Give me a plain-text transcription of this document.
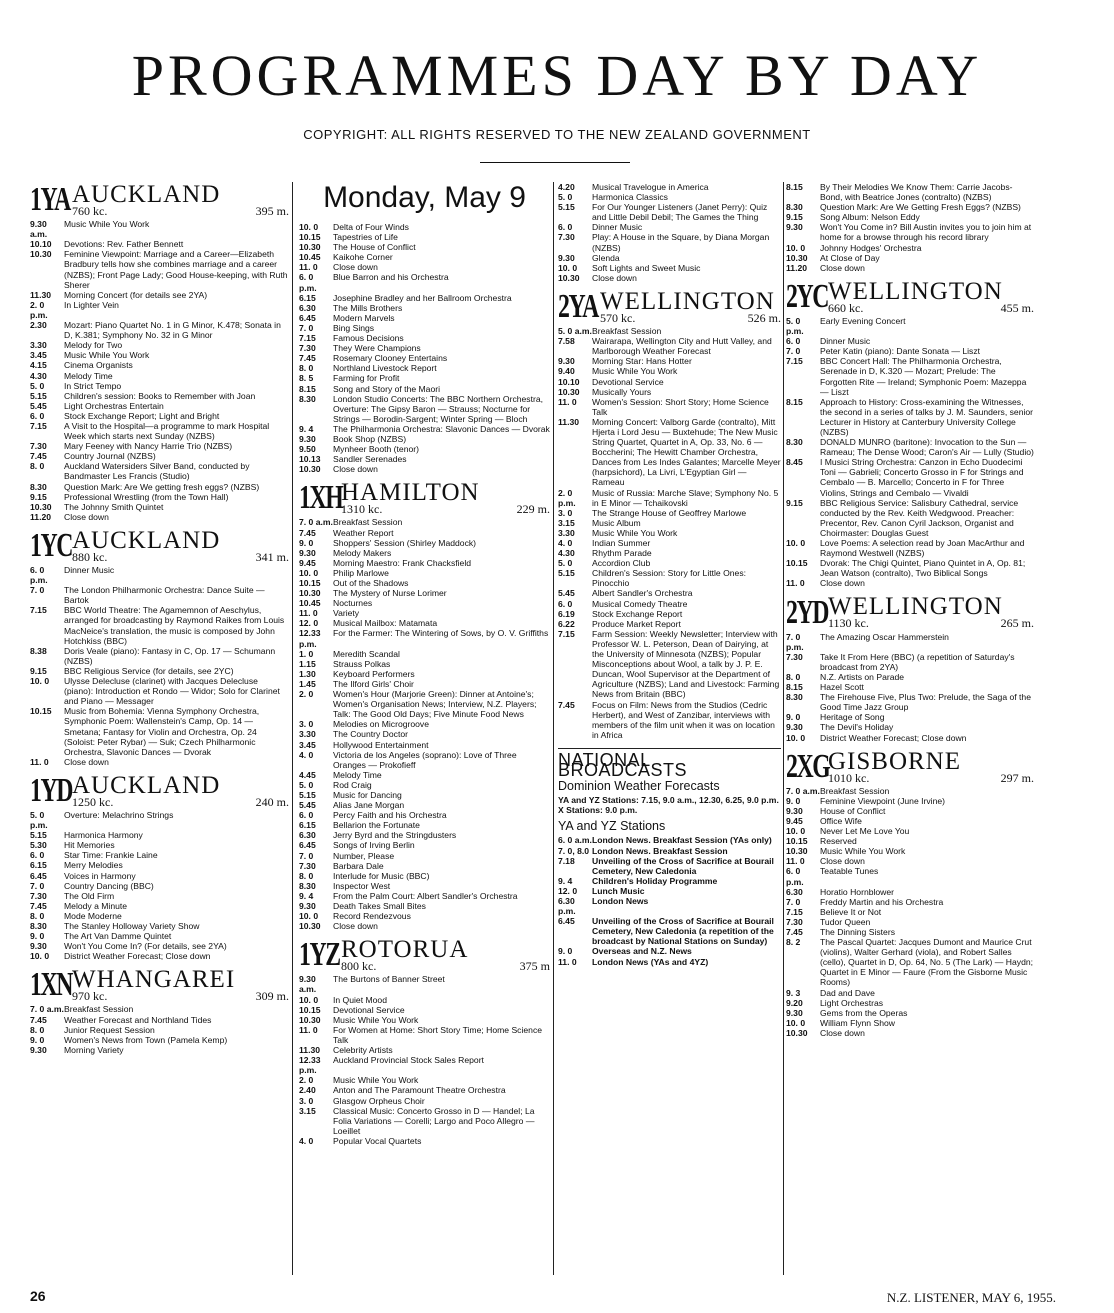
PROGRAMMES DAY BY DAY
COPYRIGHT: ALL RIGHTS RESERVED TO THE NEW ZEALAND GOVERNMENT
1YA AUCKLAND
760 kc.	395 m.
9.30 a.m.
Music While You Work
10.10	Devotions: Rev. Father Bennett
10.30	Feminine Viewpoint: Marriage and a Career—Elizabeth Bradbury tells how she combines marriage and a career (NZBS); Front Page Lady; Good House-keeping, with Ruth Sherer
11.30	Morning Concert (for details see 2YA)
2. 0 p.m.
In Lighter Vein
2.30	Mozart: Piano Quartet No. 1 in G Minor, K.478; Sonata in D, K.381; Symphony No. 32 in G Minor
3.30	Melody for Two
3.45	Music While You Work
4.15	Cinema Organists
4.30	Melody Time
5. 0	In Strict Tempo
5.15	Children's session: Books to Remember with Joan
5.45	Light Orchestras Entertain
6. 0	Stock Exchange Report; Light and Bright
7.15	A Visit to the Hospital—a programme to mark Hospital Week which starts next Sunday (NZBS)
7.30	Mary Feeney with Nancy Harrie Trio (NZBS)
7.45	Country Journal (NZBS)
8. 0	Auckland Watersiders Silver Band, conducted by Bandmaster Les Francis (Studio)
8.30	Question Mark: Are We getting fresh eggs? (NZBS)
9.15	Professional Wrestling (from the Town Hall)
10.30	The Johnny Smith Quintet
11.20	Close down
1YC AUCKLAND
880 kc.	341 m.
6. 0 p.m.
Dinner Music
7. 0	The London Philharmonic Orchestra: Dance Suite — Bartok
7.15	BBC World Theatre: The Agamemnon of Aeschylus, arranged for broadcasting by Raymond Raikes from Louis MacNeice's translation, the music is composed by John Hotchkiss (BBC)
8.38	Doris Veale (piano): Fantasy in C, Op. 17 — Schumann (NZBS)
9.15	BBC Religious Service (for details, see 2YC)
10. 0	Ulysse Delecluse (clarinet) with Jacques Delecluse (piano): Introduction et Rondo — Widor; Solo for Clarinet and Piano — Messager
10.15	Music from Bohemia: Vienna Symphony Orchestra, Symphonic Poem: Wallenstein's Camp, Op. 14 — Smetana; Fantasy for Violin and Orchestra, Op. 24 (Soloist: Peter Rybar) — Suk; Czech Philharmonic Orchestra, Slavonic Dances — Dvorak
11. 0	Close down
1YD AUCKLAND
1250 kc.	240 m.
5. 0 p.m.
Overture: Melachrino Strings
5.15	Harmonica Harmony
5.30	Hit Memories
6. 0	Star Time: Frankie Laine
6.15	Merry Melodies
6.45	Voices in Harmony
7. 0	Country Dancing (BBC)
7.30	The Old Firm
7.45	Melody a Minute
8. 0	Mode Moderne
8.30	The Stanley Holloway Variety Show
9. 0	The Art Van Damme Quintet
9.30	Won't You Come In? (For details, see 2YA)
10. 0	District Weather Forecast; Close down
1XN WHANGAREI
970 kc.	309 m.
7. 0 a.m. Breakfast Session
7.45	Weather Forecast and Northland Tides
8. 0	Junior Request Session
9. 0	Women's News from Town (Pamela Kemp)
9.30	Morning Variety
Monday, May 9
10. 0	Delta of Four Winds
10.15	Tapestries of Life
10.30	The House of Conflict
10.45	Kaikohe Corner
11. 0	Close down
6. 0 p.m.
Blue Barron and his Orchestra
6.15	Josephine Bradley and her Ballroom Orchestra
6.30	The Mills Brothers
6.45	Modern Marvels
7. 0	Bing Sings
7.15	Famous Decisions
7.30	They Were Champions
7.45	Rosemary Clooney Entertains
8. 0	Northland Livestock Report
8. 5	Farming for Profit
8.15	Song and Story of the Maori
8.30	London Studio Concerts: The BBC Northern Orchestra, Overture: The Gipsy Baron — Strauss; Nocturne for Strings — Borodin-Sargent; Winter Spring — Bloch
9. 4	The Philharmonia Orchestra: Slavonic Dances — Dvorak
9.30	Book Shop (NZBS)
9.50	Mynheer Booth (tenor)
10.13	Sandler Serenades
10.30	Close down
1XH
HAMILTON
1310 kc.	229 m.
7. 0 a.m. Breakfast Session
7.45	Weather Report
9. 0	Shoppers' Session (Shirley Maddock)
9.30	Melody Makers
9.45	Morning Maestro: Frank Chacksfield
10. 0	Philip Marlowe
10.15	Out of the Shadows
10.30	The Mystery of Nurse Lorimer
10.45	Nocturnes
11. 0	Variety
12. 0	Musical Mailbox: Matamata
12.33 p.m.
For the Farmer: The Wintering of Sows, by O. V. Griffiths
1. 0	Meredith Scandal
1.15	Strauss Polkas
1.30	Keyboard Performers
1.45	The Ilford Girls' Choir
2. 0	Women's Hour (Marjorie Green): Dinner at Antoine's; Women's Organisation News; Interview, N.Z. Players; Talk: The Good Old Days; Five Minute Food News
3. 0	Melodies on Microgroove
3.30	The Country Doctor
3.45	Hollywood Entertainment
4. 0	Victoria de los Angeles (soprano): Love of Three Oranges — Prokofieff
4.45	Melody Time
5. 0	Rod Craig
5.15	Music for Dancing
5.45	Alias Jane Morgan
6. 0	Percy Faith and his Orchestra
6.15	Bellarion the Fortunate
6.30	Jerry Byrd and the Stringdusters
6.45	Songs of Irving Berlin
7. 0	Number, Please
7.30	Barbara Dale
8. 0	Interlude for Music (BBC)
8.30	Inspector West
9. 4	From the Palm Court: Albert Sandler's Orchestra
9.30	Death Takes Small Bites
10. 0	Record Rendezvous
10.30	Close down
1YZ ROTORUA
800 kc.	375 m
9.30 a.m.
The Burtons of Banner Street
10. 0	In Quiet Mood
10.15	Devotional Service
10.30	Music While You Work
11. 0	For Women at Home: Short Story Time; Home Science Talk
11.30	Celebrity Artists
12.33 p.m.
Auckland Provincial Stock Sales Report
2. 0	Music While You Work
2.40	Anton and The Paramount Theatre Orchestra
3. 0	Glasgow Orpheus Choir
3.15	Classical Music: Concerto Grosso in D — Handel; La Folia Variations — Corelli; Largo and Poco Allegro — Loeillet
4. 0	Popular Vocal Quartets
4.20	Musical Travelogue in America
5. 0	Harmonica Classics
5.15	For Our Younger Listeners (Janet Perry): Quiz and Little Debil Debil; The Games the Thing
6. 0	Dinner Music
7.30	Play: A House in the Square, by Diana Morgan (NZBS)
9.30	Glenda
10. 0	Soft Lights and Sweet Music
10.30	Close down
2YA WELLINGTON
570 kc.	526 m.
5. 0 a.m. Breakfast Session
7.58	Wairarapa, Wellington City and Hutt Valley, and Marlborough Weather Forecast
9.30	Morning Star: Hans Hotter
9.40	Music While You Work
10.10	Devotional Service
10.30	Musically Yours
11. 0	Women's Session: Short Story; Home Science Talk
11.30	Morning Concert: Valborg Garde (contralto), Mitt Hjerta i Lord Jesu — Buxtehude; The New Music String Quartet, Quartet in A, Op. 33, No. 6 — Boccherini; The Hewitt Chamber Orchestra, Dances from Les Indes Galantes; Marcelle Meyer (harpsichord), La Livri, L'Egyptian Girl — Rameau
2. 0 p.m.
Music of Russia: Marche Slave; Symphony No. 5 in E Minor — Tchaikovski
3. 0	The Strange House of Geoffrey Marlowe
3.15	Music Album
3.30	Music While You Work
4. 0	Indian Summer
4.30	Rhythm Parade
5. 0	Accordion Club
5.15	Children's Session: Story for Little Ones: Pinocchio
5.45	Albert Sandler's Orchestra
6. 0	Musical Comedy Theatre
6.19	Stock Exchange Report
6.22	Produce Market Report
7.15	Farm Session: Weekly Newsletter; Interview with Professor W. L. Peterson, Dean of Dairying, at the University of Minnesota (NZBS); Popular Misconceptions about Wool, a talk by J. P. E. Duncan, Wool Supervisor at the Department of Agriculture (NZBS); Land and Livestock: Farming News from Britain (BBC)
7.45	Focus on Film: News from the Studios (Cedric Herbert), and West of Zanzibar, interviews with members of the film unit when it was on location in Africa
NATIONAL BROADCASTS
Dominion Weather Forecasts
YA and YZ Stations: 7.15, 9.0 a.m., 12.30, 6.25, 9.0 p.m.
X Stations: 9.0 p.m.
YA and YZ Stations
6. 0 a.m. London News. Breakfast Session (YAs only)
7. 0, 8.0 London News. Breakfast Session
7.18	Unveiling of the Cross of Sacrifice at Bourail Cemetery, New Caledonia
9. 4	Children's Holiday Programme
12. 0	Lunch Music
6.30 p.m.
London News
6.45	Unveiling of the Cross of Sacrifice at Bourail Cemetery, New Caledonia (a repetition of the broadcast by National Stations on Sunday)
9. 0	Overseas and N.Z. News
11. 0	London News (YAs and 4YZ)
8.15	By Their Melodies We Know Them: Carrie Jacobs-Bond, with Beatrice Jones (contralto) (NZBS)
8.30	Question Mark: Are We Getting Fresh Eggs? (NZBS)
9.15	Song Album: Nelson Eddy
9.30	Won't You Come in? Bill Austin invites you to join him at home for a browse through his record library
10. 0	Johnny Hodges' Orchestra
10.30	At Close of Day
11.20	Close down
2YC WELLINGTON
660 kc.	455 m.
5. 0 p.m.
Early Evening Concert
6. 0	Dinner Music
7. 0	Peter Katin (piano): Dante Sonata — Liszt
7.15	BBC Concert Hall: The Philharmonia Orchestra, Serenade in D, K.320 — Mozart; Prelude: The Forgotten Rite — Ireland; Symphonic Poem: Mazeppa — Liszt
8.15	Approach to History: Cross-examining the Witnesses, the second in a series of talks by J. M. Saunders, senior Lecturer in History at Canterbury University College (NZBS)
8.30	DONALD MUNRO (baritone): Invocation to the Sun — Rameau; The Dense Wood; Caron's Air — Lully (Studio)
8.45	I Musici String Orchestra: Canzon in Echo Duodecimi Toni — Gabrieli; Concerto Grosso in F for Strings and Cembalo — B. Marcello; Concerto in F for Three Violins, Strings and Cembalo — Vivaldi
9.15	BBC Religious Service: Salisbury Cathedral, service conducted by the Rev. Keith Wedgwood. Preacher: Precentor, Rev. Canon Cyril Jackson, Organist and Choirmaster: Douglas Guest
10. 0	Love Poems: A selection read by Joan MacArthur and Raymond Westwell (NZBS)
10.15	Dvorak: The Chigi Quintet, Piano Quintet in A, Op. 81; Jean Watson (contralto), Two Biblical Songs
11. 0	Close down
2YD WELLINGTON
1130 kc.	265 m.
7. 0 p.m.
The Amazing Oscar Hammerstein
7.30	Take It From Here (BBC) (a repetition of Saturday's broadcast from 2YA)
8. 0	N.Z. Artists on Parade
8.15	Hazel Scott
8.30	The Firehouse Five, Plus Two: Prelude, the Saga of the Good Time Jazz Group
9. 0	Heritage of Song
9.30	The Devil's Holiday
10. 0	District Weather Forecast; Close down
2XG
GISBORNE
1010 kc.	297 m.
7. 0 a.m. Breakfast Session
9. 0	Feminine Viewpoint (June Irvine)
9.30	House of Conflict
9.45	Office Wife
10. 0	Never Let Me Love You
10.15	Reserved
10.30	Music While You Work
11. 0	Close down
6. 0 p.m.
Teatable Tunes
6.30	Horatio Hornblower
7. 0	Freddy Martin and his Orchestra
7.15	Believe It or Not
7.30	Tudor Queen
7.45	The Dinning Sisters
8. 2	The Pascal Quartet: Jacques Dumont and Maurice Crut (violins), Walter Gerhard (viola), and Robert Salles (cello), Quartet in D, Op. 64, No. 5 (The Lark) — Haydn; Quartet in E Minor — Faure (From the Gisborne Music Rooms)
9. 3	Dad and Dave
9.20	Light Orchestras
9.30	Gems from the Operas
10. 0	William Flynn Show
10.30	Close down
26	N.Z. LISTENER, MAY 6, 1955.
